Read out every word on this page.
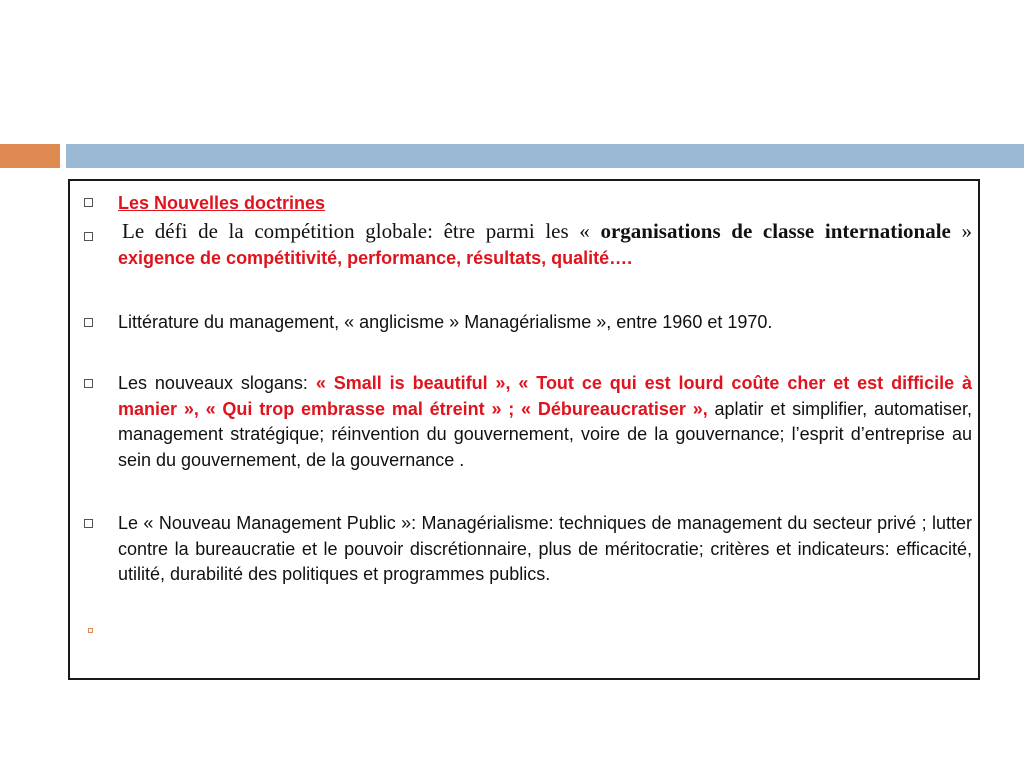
Les Nouvelles doctrines
Le défi de la compétition globale: être parmi les « organisations de classe internationale » exigence de compétitivité, performance, résultats, qualité….
Littérature du management, « anglicisme » Managérialisme », entre 1960 et 1970.
Les nouveaux slogans: « Small is beautiful », « Tout ce qui est lourd coûte cher et est difficile à manier », « Qui trop embrasse mal étreint » ; « Débureaucratiser », aplatir et simplifier, automatiser, management stratégique; réinvention du gouvernement, voire de la gouvernance; l’esprit d’entreprise au sein du gouvernement, de la gouvernance .
Le « Nouveau Management Public »: Managérialisme: techniques de management du secteur privé ; lutter contre la bureaucratie et le pouvoir discrétionnaire, plus de méritocratie; critères et indicateurs: efficacité, utilité, durabilité des politiques et programmes publics.
